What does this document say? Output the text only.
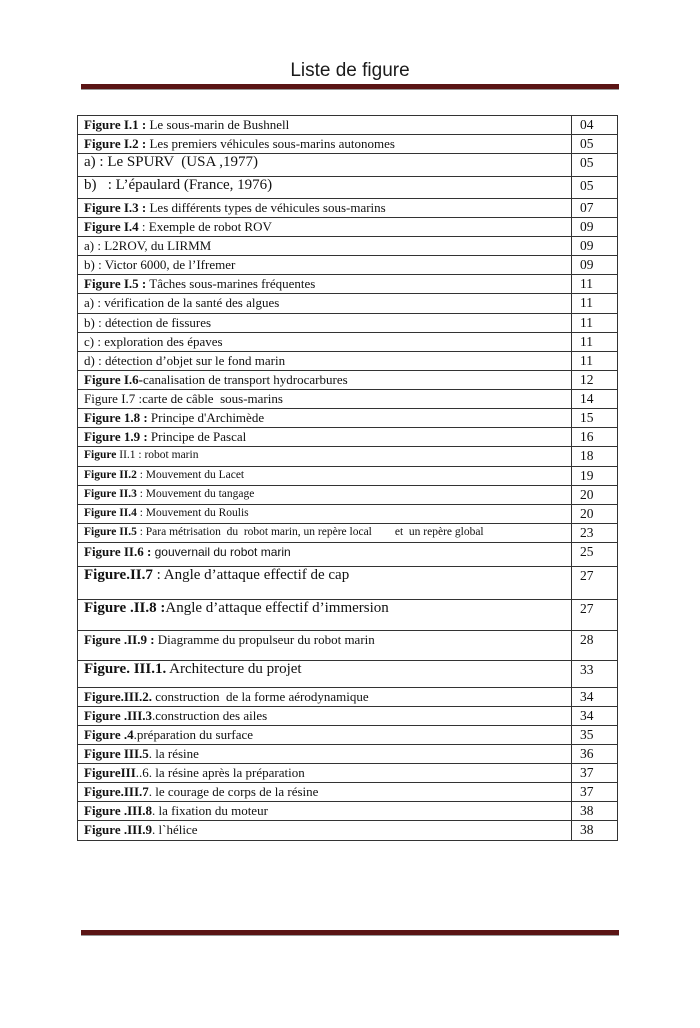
Liste de figure
Figure I.1 : Le sous-marin de Bushnell	04
Figure I.2 : Les premiers véhicules sous-marins autonomes	05
a) : Le SPURV  (USA ,1977)	05
b)   : L’épaulard (France, 1976)	05
Figure I.3 : Les différents types de véhicules sous-marins	07
Figure I.4 : Exemple de robot ROV	09
a) : L2ROV, du LIRMM	09
b) : Victor 6000, de l’Ifremer	09
Figure I.5 : Tâches sous-marines fréquentes	11
a) : vérification de la santé des algues	11
b) : détection de fissures	11
c) : exploration des épaves	11
d) : détection d’objet sur le fond marin	11
Figure I.6-canalisation de transport hydrocarbures	12
Figure I.7 :carte de câble  sous-marins	14
Figure 1.8 : Principe d'Archimède	15
Figure 1.9 : Principe de Pascal	16
Figure II.1 : robot marin	18
Figure II.2 : Mouvement du Lacet	19
Figure II.3 : Mouvement du tangage	20
Figure II.4 : Mouvement du Roulis	20
Figure II.5 : Para métrisation  du  robot marin, un repère local        et  un repère global	23
Figure II.6 : gouvernail du robot marin	25
Figure.II.7 : Angle d’attaque effectif de cap	27
Figure .II.8 :Angle d’attaque effectif d’immersion	27
Figure .II.9 : Diagramme du propulseur du robot marin	28
Figure. III.1. Architecture du projet	33
Figure.III.2. construction  de la forme aérodynamique	34
Figure .III.3.construction des ailes	34
Figure .4.préparation du surface	35
Figure III.5. la résine	36
FigureIII..6. la résine après la préparation	37
Figure.III.7. le courage de corps de la résine	37
Figure .III.8. la fixation du moteur	38
Figure .III.9. l`hélice	38
